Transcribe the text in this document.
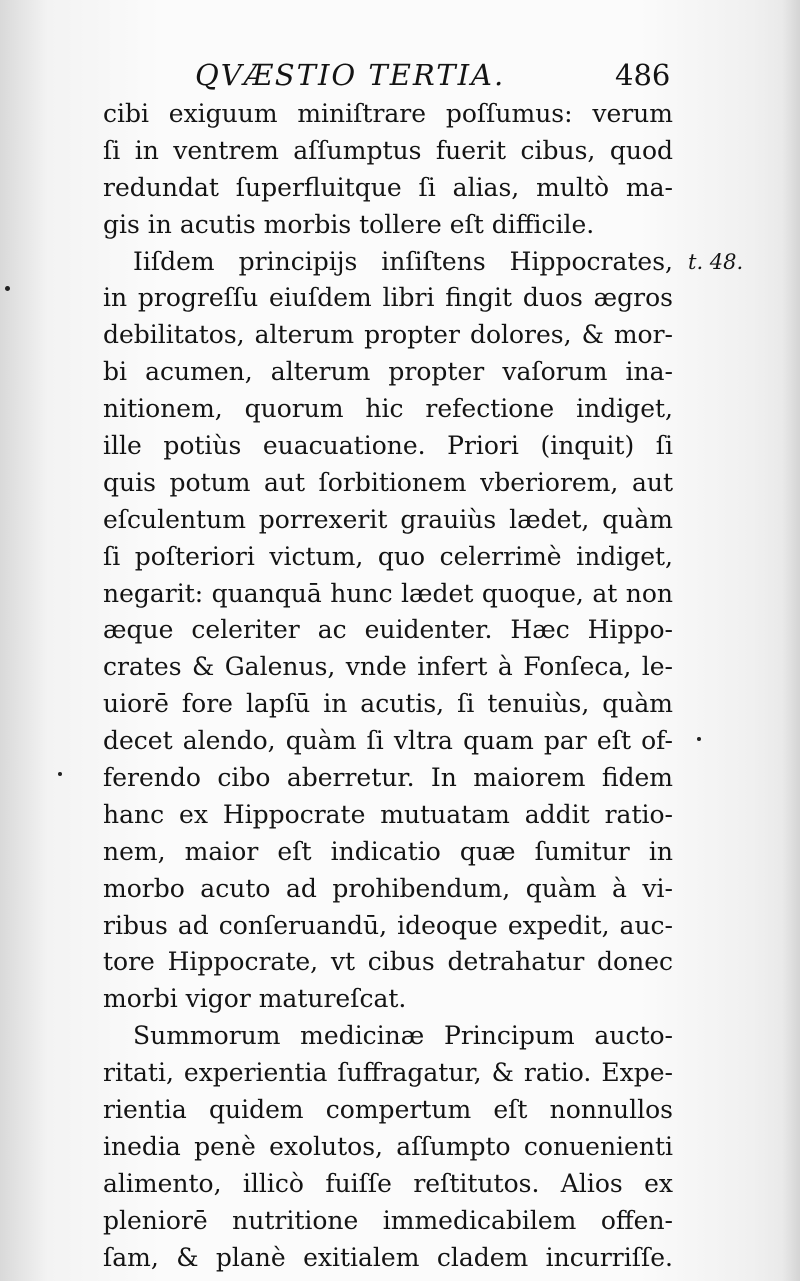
QVÆSTIO TERTIA.	486
t. 48.
cibi exiguum miniſtrare poſſumus: verum
ſi in ventrem aſſumptus fuerit cibus, quod
redundat ſuperfluitque ſi alias, multò ma-
gis in acutis morbis tollere eſt difficile.
Iiſdem principijs inſiſtens Hippocrates,
in progreſſu eiuſdem libri fingit duos ægros
debilitatos, alterum propter dolores, & mor-
bi acumen, alterum propter vaſorum ina-
nitionem, quorum hic refectione indiget,
ille potiùs euacuatione. Priori (inquit) ſi
quis potum aut ſorbitionem vberiorem, aut
eſculentum porrexerit grauiùs lædet, quàm
ſi poſteriori victum, quo celerrimè indiget,
negarit: quanquā hunc lædet quoque, at non
æque celeriter ac euidenter. Hæc Hippo-
crates & Galenus, vnde infert à Fonſeca, le-
uiorē fore lapſū in acutis, ſi tenuiùs, quàm
decet alendo, quàm ſi vltra quam par eſt of-
ferendo cibo aberretur. In maiorem fidem
hanc ex Hippocrate mutuatam addit ratio-
nem, maior eſt indicatio quæ ſumitur in
morbo acuto ad prohibendum, quàm à vi-
ribus ad conſeruandū, ideoque expedit, auc-
tore Hippocrate, vt cibus detrahatur donec
morbi vigor matureſcat.
Summorum medicinæ Principum aucto-
ritati, experientia ſuffragatur, & ratio. Expe-
rientia quidem compertum eſt nonnullos
inedia penè exolutos, aſſumpto conuenienti
alimento, illicò fuiſſe reſtitutos. Alios ex
pleniorē nutritione immedicabilem offen-
ſam, & planè exitialem cladem incurriſſe.
